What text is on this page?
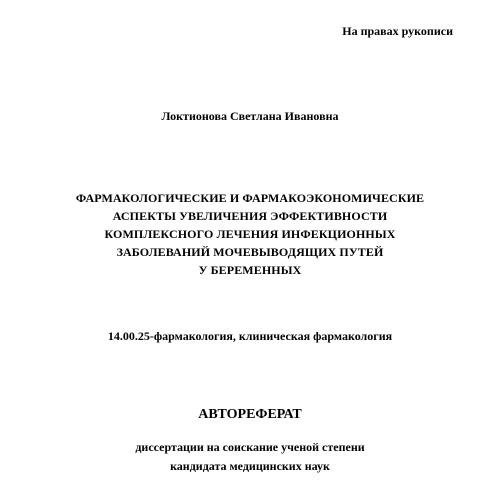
На правах рукописи
Локтионова Светлана Ивановна
ФАРМАКОЛОГИЧЕСКИЕ И ФАРМАКОЭКОНОМИЧЕСКИЕ
АСПЕКТЫ УВЕЛИЧЕНИЯ ЭФФЕКТИВНОСТИ
КОМПЛЕКСНОГО ЛЕЧЕНИЯ ИНФЕКЦИОННЫХ
ЗАБОЛЕВАНИЙ МОЧЕВЫВОДЯЩИХ ПУТЕЙ
У БЕРЕМЕННЫХ
14.00.25-фармакология, клиническая фармакология
АВТОРЕФЕРАТ
диссертации на соискание ученой степени
кандидата медицинских наук
